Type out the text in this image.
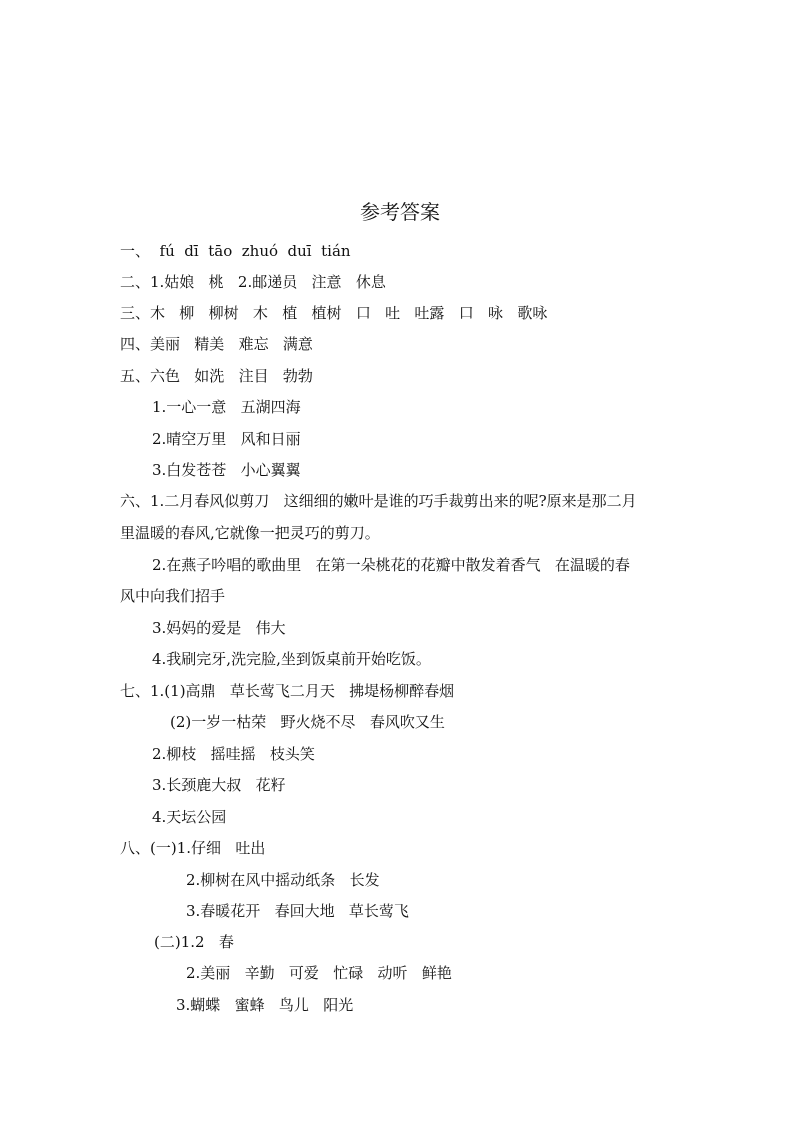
参考答案
一、  fú  dī  tāo  zhuó  duī  tián
二、1.姑娘   桃   2.邮递员   注意   休息
三、木   柳   柳树   木   植   植树   口   吐   吐露   口   咏   歌咏
四、美丽   精美   难忘   满意
五、六色   如洗   注目   勃勃
1.一心一意   五湖四海
2.晴空万里   风和日丽
3.白发苍苍   小心翼翼
六、1.二月春风似剪刀   这细细的嫩叶是谁的巧手裁剪出来的呢?原来是那二月
里温暖的春风,它就像一把灵巧的剪刀。
2.在燕子吟唱的歌曲里   在第一朵桃花的花瓣中散发着香气   在温暖的春
风中向我们招手
3.妈妈的爱是   伟大
4.我刷完牙,洗完脸,坐到饭桌前开始吃饭。
七、1.(1)高鼎   草长莺飞二月天   拂堤杨柳醉春烟
(2)一岁一枯荣   野火烧不尽   春风吹又生
2.柳枝   摇哇摇   枝头笑
3.长颈鹿大叔   花籽
4.天坛公园
八、(一)1.仔细   吐出
2.柳树在风中摇动纸条   长发
3.春暖花开   春回大地   草长莺飞
(二)1.2   春
2.美丽   辛勤   可爱   忙碌   动听   鲜艳
3.蝴蝶   蜜蜂   鸟儿   阳光
